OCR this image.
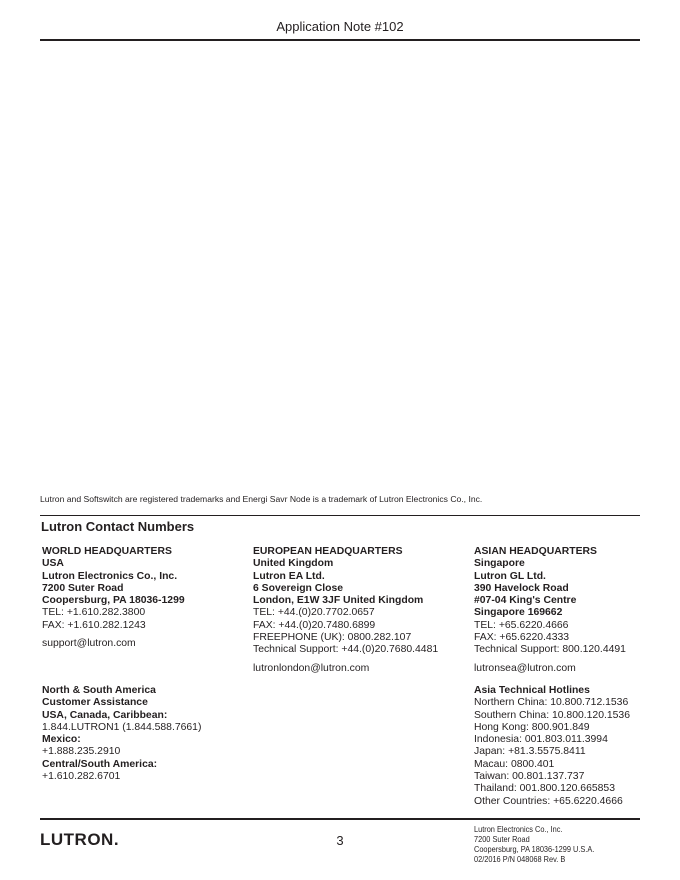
Application Note #102
Lutron and Softswitch are registered trademarks and Energi Savr Node is a trademark of Lutron Electronics Co., Inc.
Lutron Contact Numbers
WORLD HEADQUARTERS
USA
Lutron Electronics Co., Inc.
7200 Suter Road
Coopersburg, PA 18036-1299
TEL: +1.610.282.3800
FAX: +1.610.282.1243
support@lutron.com
EUROPEAN HEADQUARTERS
United Kingdom
Lutron EA Ltd.
6 Sovereign Close
London, E1W 3JF United Kingdom
TEL: +44.(0)20.7702.0657
FAX: +44.(0)20.7480.6899
FREEPHONE (UK): 0800.282.107
Technical Support: +44.(0)20.7680.4481
lutronlondon@lutron.com
ASIAN HEADQUARTERS
Singapore
Lutron GL Ltd.
390 Havelock Road
#07-04 King's Centre
Singapore 169662
TEL: +65.6220.4666
FAX: +65.6220.4333
Technical Support: 800.120.4491
lutronsea@lutron.com
North & South America
Customer Assistance
USA, Canada, Caribbean:
1.844.LUTRON1 (1.844.588.7661)
Mexico:
+1.888.235.2910
Central/South America:
+1.610.282.6701
Asia Technical Hotlines
Northern China: 10.800.712.1536
Southern China: 10.800.120.1536
Hong Kong: 800.901.849
Indonesia: 001.803.011.3994
Japan: +81.3.5575.8411
Macau: 0800.401
Taiwan: 00.801.137.737
Thailand: 001.800.120.665853
Other Countries: +65.6220.4666
LUTRON.	3
Lutron Electronics Co., Inc.
7200 Suter Road
Coopersburg, PA 18036-1299 U.S.A.
02/2016 P/N 048068 Rev. B
